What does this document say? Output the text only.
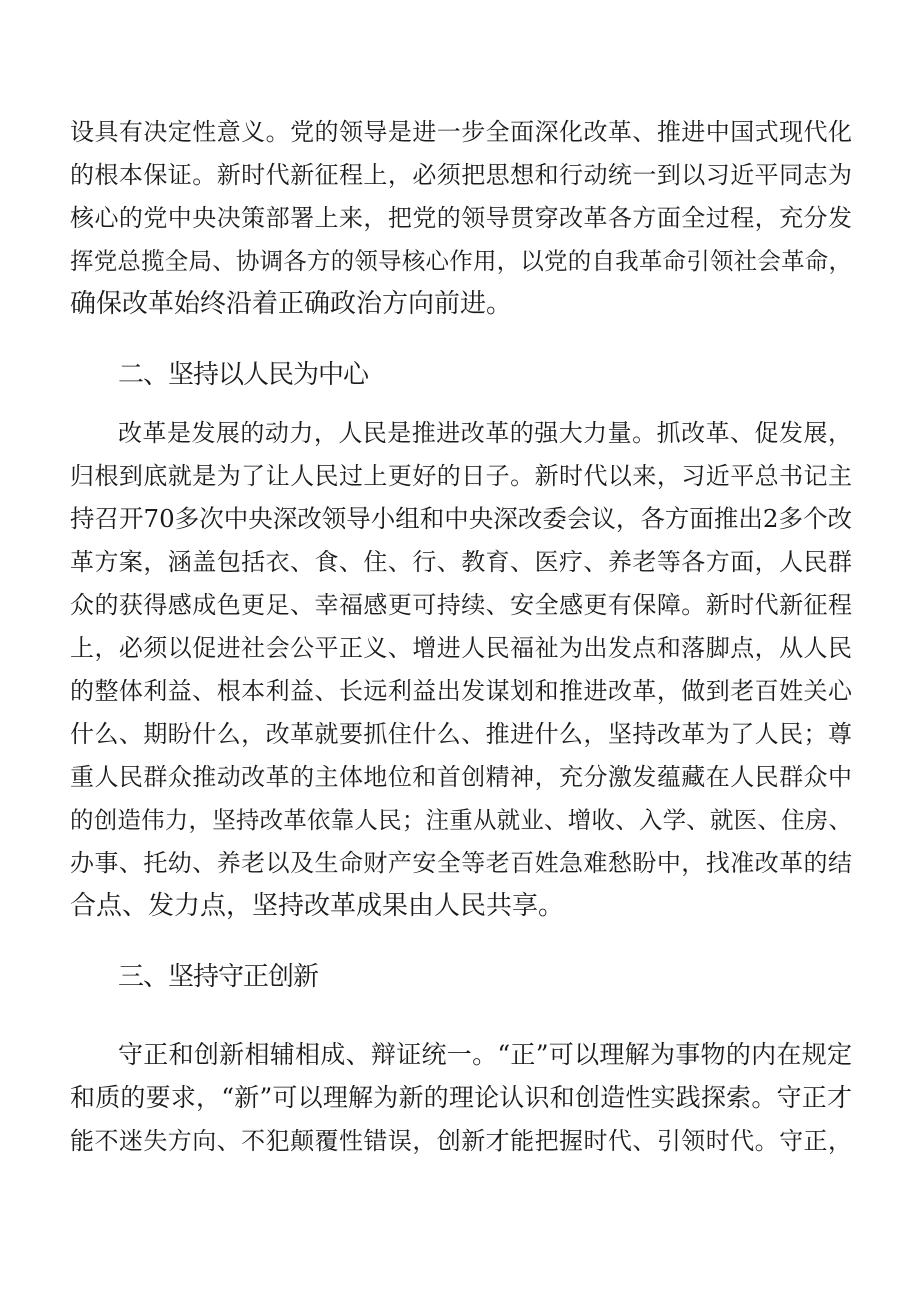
设具有决定性意义。党的领导是进一步全面深化改革、推进中国式现代化
的根本保证。新时代新征程上，必须把思想和行动统一到以习近平同志为
核心的党中央决策部署上来，把党的领导贯穿改革各方面全过程，充分发
挥党总揽全局、协调各方的领导核心作用，以党的自我革命引领社会革命，
确保改革始终沿着正确政治方向前进。
二、坚持以人民为中心
改革是发展的动力，人民是推进改革的强大力量。抓改革、促发展，
归根到底就是为了让人民过上更好的日子。新时代以来，习近平总书记主
持召开70多次中央深改领导小组和中央深改委会议，各方面推出2多个改
革方案，涵盖包括衣、食、住、行、教育、医疗、养老等各方面，人民群
众的获得感成色更足、幸福感更可持续、安全感更有保障。新时代新征程
上，必须以促进社会公平正义、增进人民福祉为出发点和落脚点，从人民
的整体利益、根本利益、长远利益出发谋划和推进改革，做到老百姓关心
什么、期盼什么，改革就要抓住什么、推进什么，坚持改革为了人民；尊
重人民群众推动改革的主体地位和首创精神，充分激发蕴藏在人民群众中
的创造伟力，坚持改革依靠人民；注重从就业、增收、入学、就医、住房、
办事、托幼、养老以及生命财产安全等老百姓急难愁盼中，找准改革的结
合点、发力点，坚持改革成果由人民共享。
三、坚持守正创新
守正和创新相辅相成、辩证统一。“正”可以理解为事物的内在规定
和质的要求，“新”可以理解为新的理论认识和创造性实践探索。守正才
能不迷失方向、不犯颠覆性错误，创新才能把握时代、引领时代。守正，
